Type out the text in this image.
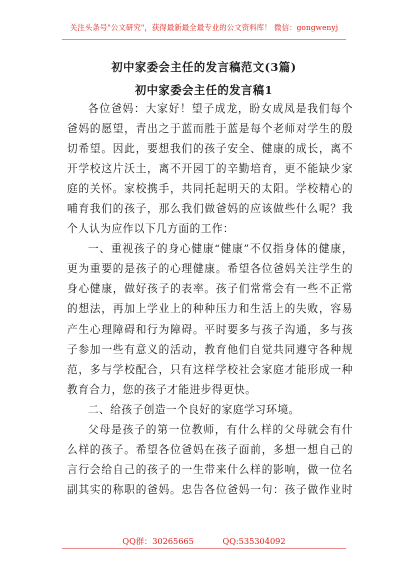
关注头条号"公文研究"，获得最新最全最专业的公文资料库！ 微信：gongwenyj
初中家委会主任的发言稿范文(3篇)
初中家委会主任的发言稿1
各位爸妈：大家好！望子成龙，盼女成凤是我们每个
爸妈的愿望，青出之于蓝而胜于蓝是每个老师对学生的殷
切希望。因此，要想我们的孩子安全、健康的成长，离不
开学校这片沃土，离不开园丁的辛勤培育，更不能缺少家
庭的关怀。家校携手，共同托起明天的太阳。学校精心的
哺育我们的孩子，那么我们做爸妈的应该做些什么呢？我
个人认为应作以下几方面的工作：
一、重视孩子的身心健康“健康”不仅指身体的健康，
更为重要的是孩子的心理健康。希望各位爸妈关注学生的
身心健康，做好孩子的表率。孩子们常常会有一些不正常
的想法，再加上学业上的种种压力和生活上的失败，容易
产生心理障碍和行为障碍。平时要多与孩子沟通，多与孩
子参加一些有意义的活动，教育他们自觉共同遵守各种规
范，多与学校配合，只有这样学校社会家庭才能形成一种
教育合力，您的孩子才能进步得更快。
二、给孩子创造一个良好的家庭学习环境。
父母是孩子的第一位教师，有什么样的父母就会有什
么样的孩子。希望各位爸妈在孩子面前，多想一想自己的
言行会给自己的孩子的一生带来什么样的影响，做一位名
副其实的称职的爸妈。忠告各位爸妈一句：孩子做作业时
QQ群：30265665	QQ:535304092
